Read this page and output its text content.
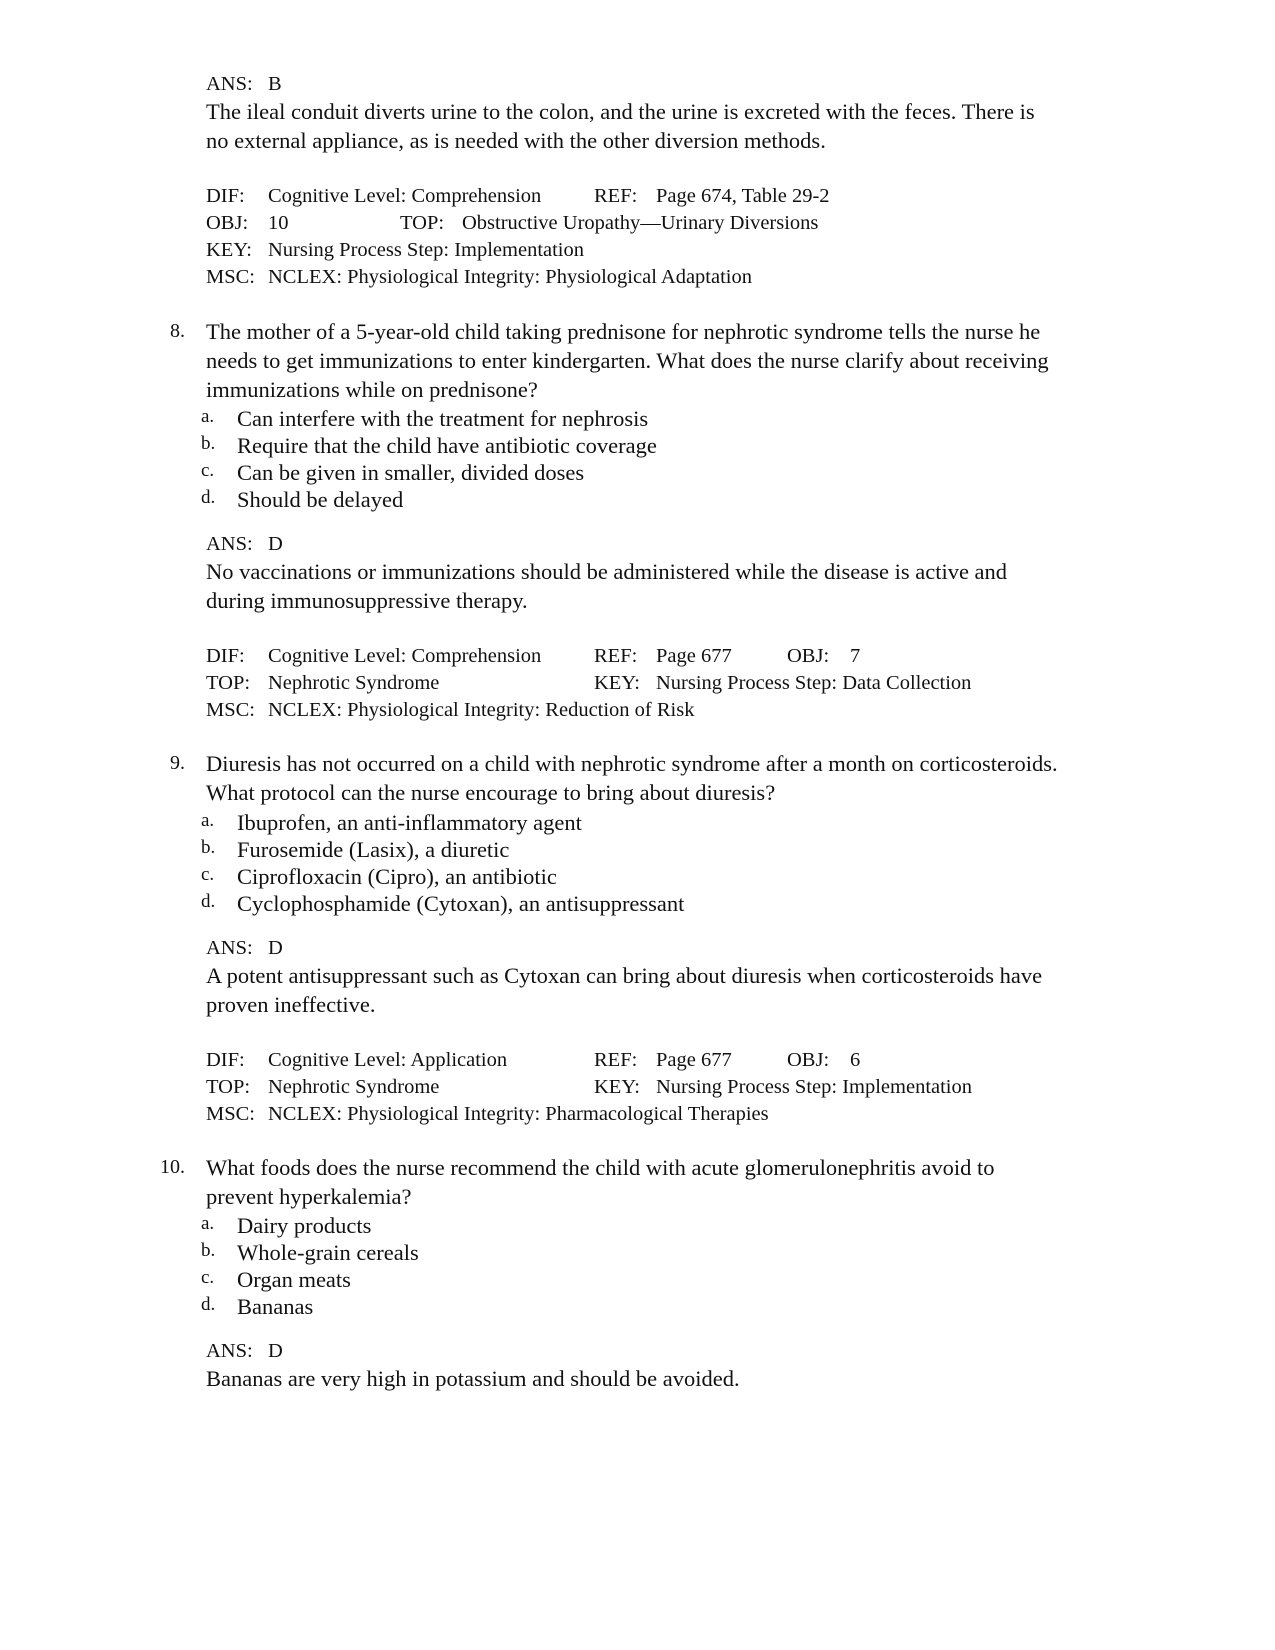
ANS: B
The ileal conduit diverts urine to the colon, and the urine is excreted with the feces. There is
no external appliance, as is needed with the other diversion methods.
DIF: Cognitive Level: Comprehension	REF: Page 674, Table 29-2
OBJ: 10	TOP: Obstructive Uropathy—Urinary Diversions
KEY: Nursing Process Step: Implementation
MSC: NCLEX: Physiological Integrity: Physiological Adaptation
8. The mother of a 5-year-old child taking prednisone for nephrotic syndrome tells the nurse he
needs to get immunizations to enter kindergarten. What does the nurse clarify about receiving
immunizations while on prednisone?
a. Can interfere with the treatment for nephrosis
b. Require that the child have antibiotic coverage
c. Can be given in smaller, divided doses
d. Should be delayed
ANS: D
No vaccinations or immunizations should be administered while the disease is active and
during immunosuppressive therapy.
DIF: Cognitive Level: Comprehension	REF: Page 677	OBJ: 7
TOP: Nephrotic Syndrome	KEY: Nursing Process Step: Data Collection
MSC: NCLEX: Physiological Integrity: Reduction of Risk
9. Diuresis has not occurred on a child with nephrotic syndrome after a month on corticosteroids.
What protocol can the nurse encourage to bring about diuresis?
a. Ibuprofen, an anti-inflammatory agent
b. Furosemide (Lasix), a diuretic
c. Ciprofloxacin (Cipro), an antibiotic
d. Cyclophosphamide (Cytoxan), an antisuppressant
ANS: D
A potent antisuppressant such as Cytoxan can bring about diuresis when corticosteroids have
proven ineffective.
DIF: Cognitive Level: Application	REF: Page 677	OBJ: 6
TOP: Nephrotic Syndrome	KEY: Nursing Process Step: Implementation
MSC: NCLEX: Physiological Integrity: Pharmacological Therapies
10. What foods does the nurse recommend the child with acute glomerulonephritis avoid to
prevent hyperkalemia?
a. Dairy products
b. Whole-grain cereals
c. Organ meats
d. Bananas
ANS: D
Bananas are very high in potassium and should be avoided.
